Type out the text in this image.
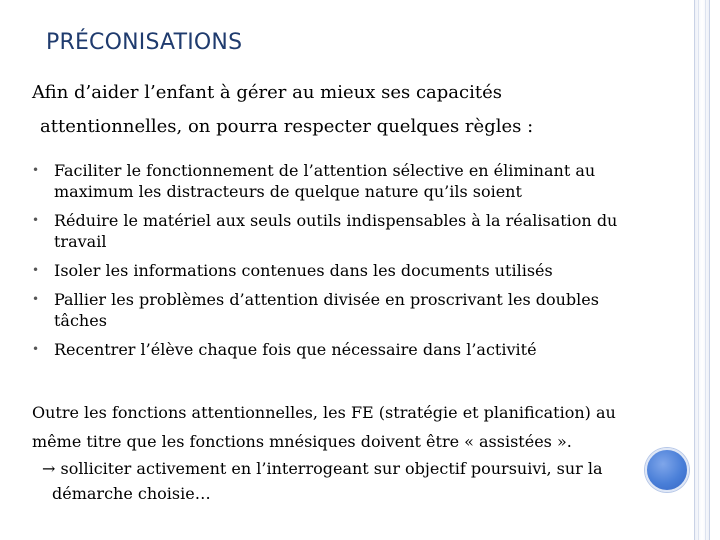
PRÉCONISATIONS

Afin d’aider l’enfant à gérer au mieux ses capacités
attentionnelles, on pourra respecter quelques règles :

• Faciliter le fonctionnement de l’attention sélective en éliminant au maximum les distracteurs de quelque nature qu’ils soient
• Réduire le matériel aux seuls outils indispensables à la réalisation du travail
• Isoler les informations contenues dans les documents utilisés
• Pallier les problèmes d’attention divisée en proscrivant les doubles tâches
• Recentrer l’élève chaque fois que nécessaire dans l’activité

Outre les fonctions attentionnelles, les FE (stratégie et planification) au
même titre que les fonctions mnésiques doivent être « assistées ».
→ solliciter activement en l’interrogeant sur objectif poursuivi, sur la
démarche choisie…
